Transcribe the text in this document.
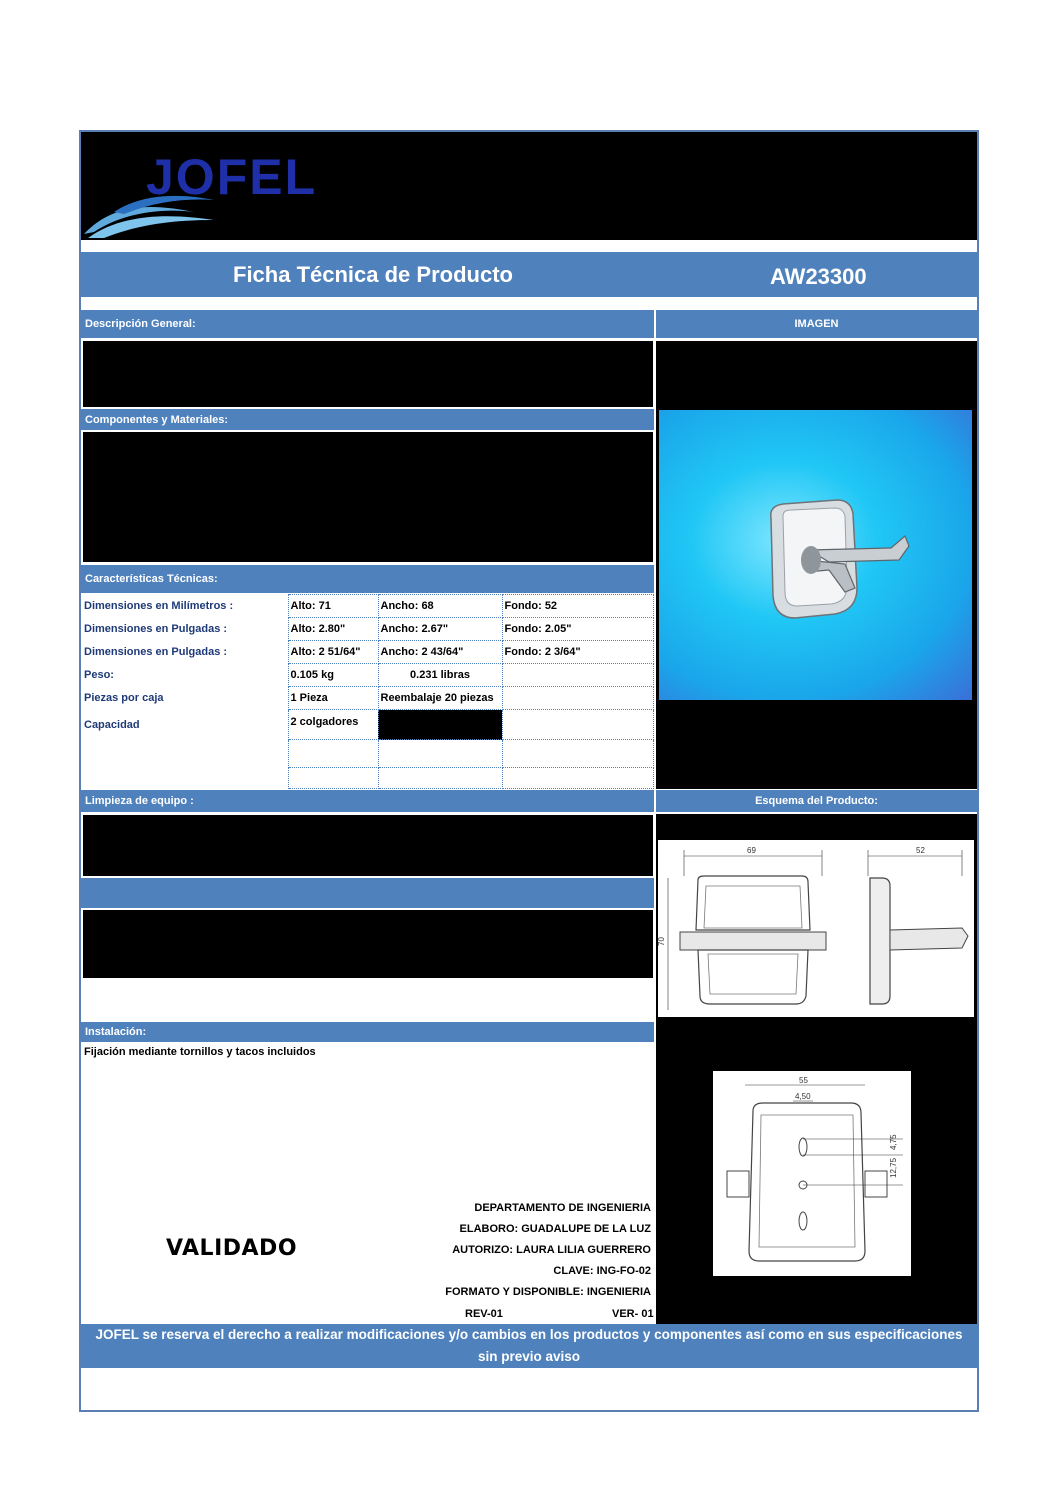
JOFEL
Ficha Técnica de Producto	AW23300
Descripción General:	IMAGEN
Componentes y Materiales:
Características Técnicas:
Dimensiones en Milímetros :	Alto: 71	Ancho: 68	Fondo: 52
Dimensiones en Pulgadas :	Alto: 2.80"	Ancho: 2.67"	Fondo: 2.05"
Dimensiones en Pulgadas :	Alto: 2 51/64"	Ancho: 2 43/64"	Fondo: 2 3/64"
Peso:	0.105 kg	0.231 libras	
Piezas por caja	1 Pieza	Reembalaje 20 piezas	
Capacidad	2 colgadores		

Limpieza de equipo :	Esquema del Producto:
69
70
52
55
4,50
4,75
12,75
Instalación:
Fijación mediante tornillos y tacos incluidos
VALIDADO
DEPARTAMENTO DE INGENIERIA
ELABORO: GUADALUPE DE LA LUZ
AUTORIZO: LAURA LILIA GUERRERO
CLAVE: ING-FO-02
FORMATO Y DISPONIBLE: INGENIERIA
REV-01	VER- 01
JOFEL se reserva el derecho a realizar modificaciones y/o cambios en los productos y componentes así como en sus especificaciones sin previo aviso
